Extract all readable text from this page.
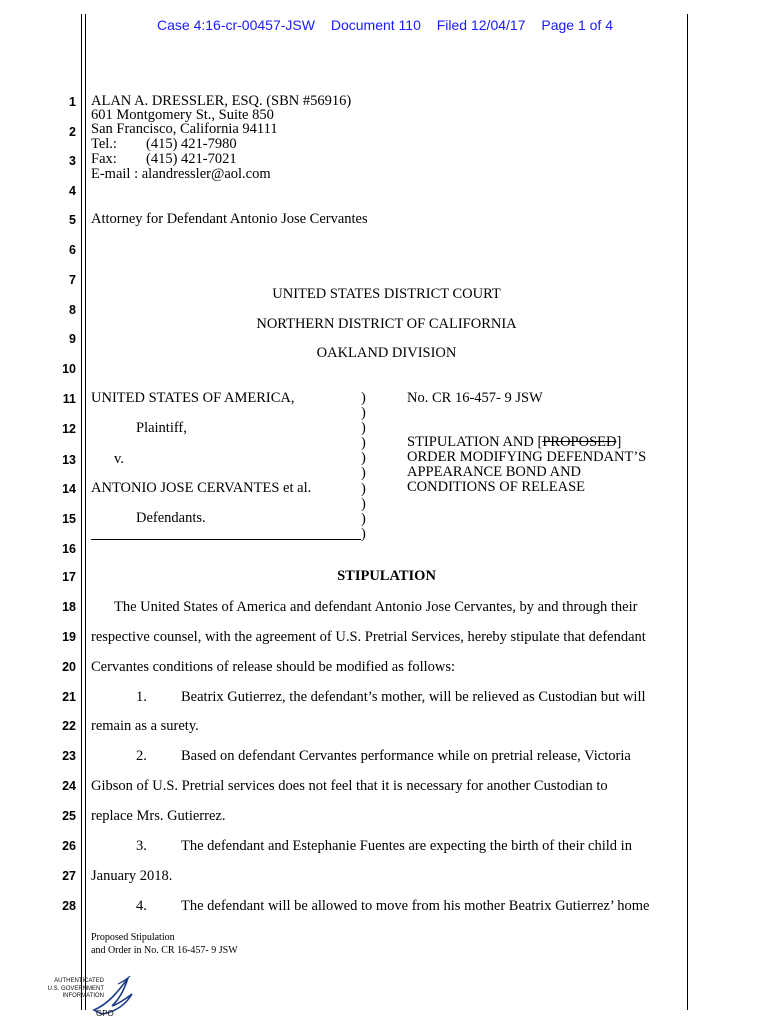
Case 4:16-cr-00457-JSW Document 110 Filed 12/04/17 Page 1 of 4
1
2
3
4
5
6
7
8
9
10
11
12
13
14
15
16
17
18
19
20
21
22
23
24
25
26
27
28
ALAN A. DRESSLER, ESQ. (SBN #56916)
601 Montgomery St., Suite 850
San Francisco, California 94111
Tel.: (415) 421-7980
Fax: (415) 421-7021
E-mail : alandressler@aol.com
Attorney for Defendant Antonio Jose Cervantes
UNITED STATES DISTRICT COURT
NORTHERN DISTRICT OF CALIFORNIA
OAKLAND DIVISION
UNITED STATES OF AMERICA,
Plaintiff,
v.
ANTONIO JOSE CERVANTES et al.
Defendants.
)
)
)
)
)
)
)
)
)
)
No. CR 16-457- 9 JSW
STIPULATION AND [PROPOSED]
ORDER MODIFYING DEFENDANT’S
APPEARANCE BOND AND
CONDITIONS OF RELEASE
STIPULATION
The United States of America and defendant Antonio Jose Cervantes, by and through their
respective counsel, with the agreement of U.S. Pretrial Services, hereby stipulate that defendant
Cervantes conditions of release should be modified as follows:
1. Beatrix Gutierrez, the defendant’s mother, will be relieved as Custodian but will
remain as a surety.
2. Based on defendant Cervantes performance while on pretrial release, Victoria
Gibson of U.S. Pretrial services does not feel that it is necessary for another Custodian to
replace Mrs. Gutierrez.
3. The defendant and Estephanie Fuentes are expecting the birth of their child in
January 2018.
4. The defendant will be allowed to move from his mother Beatrix Gutierrez’ home
Proposed Stipulation
and Order in No. CR 16-457- 9 JSW
AUTHENTICATED
U.S. GOVERNMENT
INFORMATION
GPO
